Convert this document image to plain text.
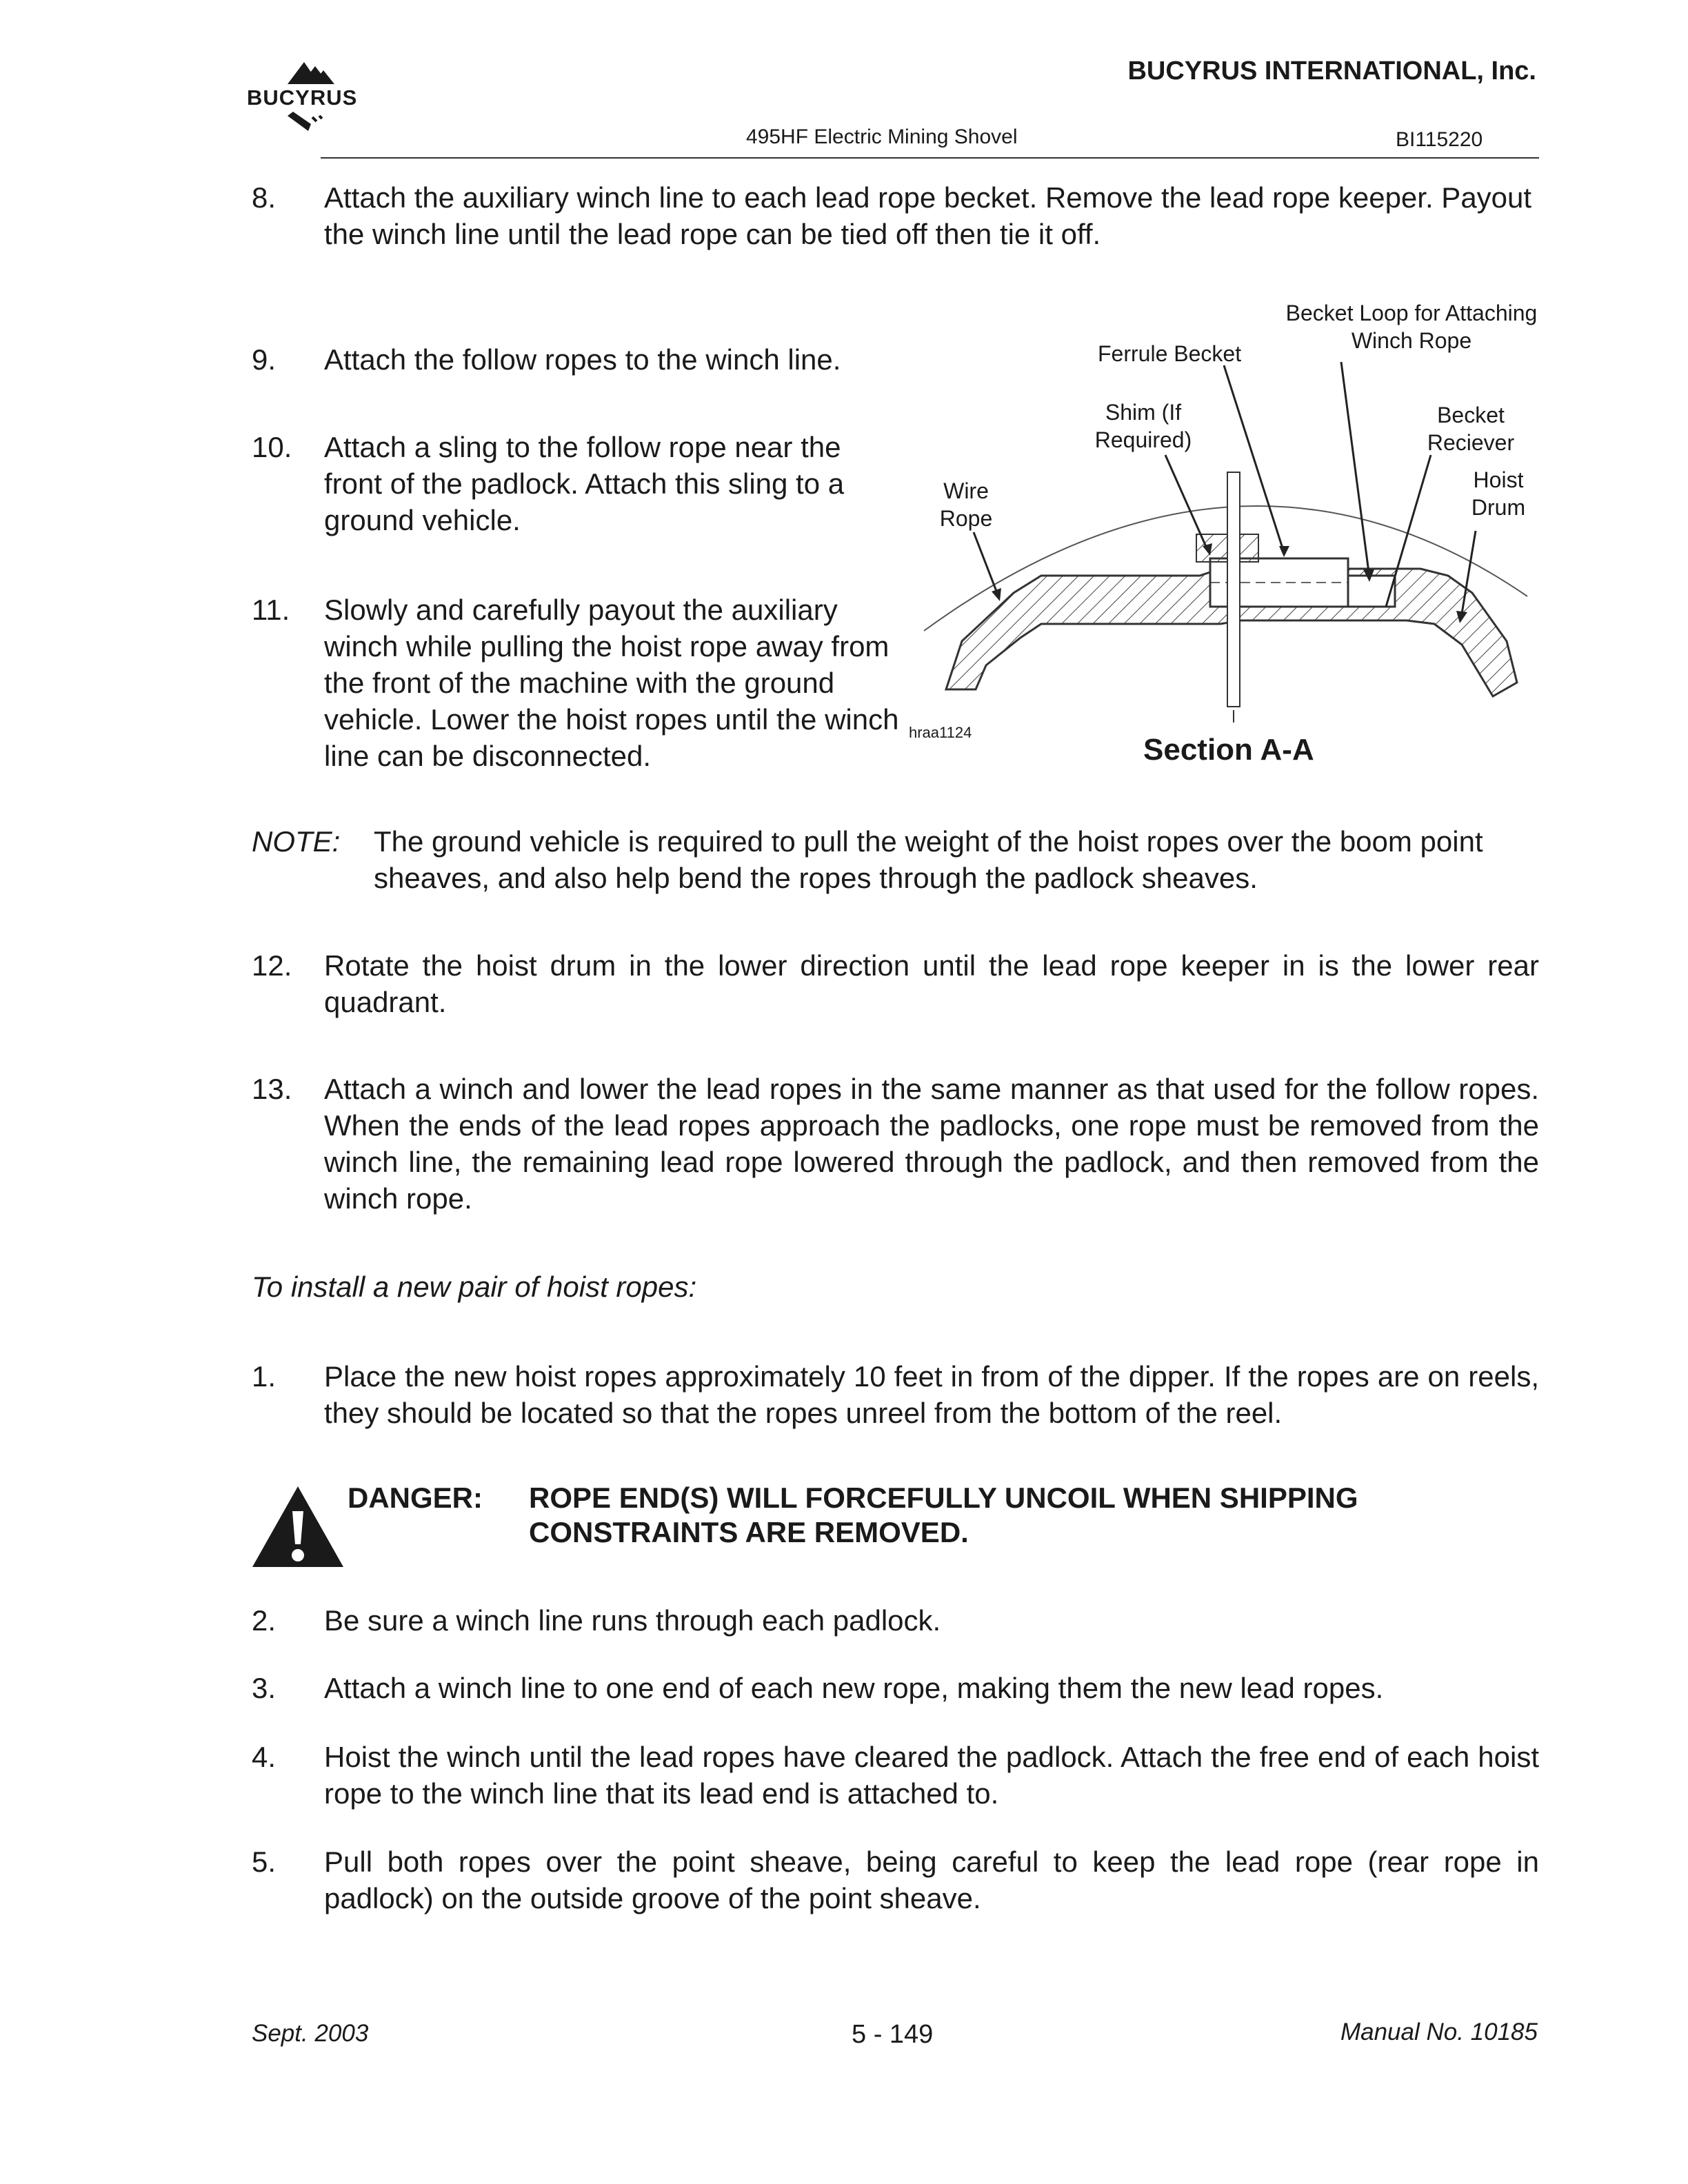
BUCYRUS
BUCYRUS INTERNATIONAL, Inc.
495HF Electric Mining Shovel	BI115220
8. Attach the auxiliary winch line to each lead rope becket. Remove the lead rope keeper. Payout the winch line until the lead rope can be tied off then tie it off.
9. Attach the follow ropes to the winch line.
10. Attach a sling to the follow rope near the front of the padlock. Attach this sling to a ground vehicle.
11. Slowly and carefully payout the auxiliary winch while pulling the hoist rope away from the front of the machine with the ground vehicle. Lower the hoist ropes until the winch line can be disconnected.
Becket Loop for Attaching Winch Rope
Ferrule Becket
Shim (If Required)
Becket Reciever
Hoist Drum
Wire Rope
hraa1124
Section A-A
NOTE: The ground vehicle is required to pull the weight of the hoist ropes over the boom point sheaves, and also help bend the ropes through the padlock sheaves.
12. Rotate the hoist drum in the lower direction until the lead rope keeper in is the lower rear quadrant.
13. Attach a winch and lower the lead ropes in the same manner as that used for the follow ropes. When the ends of the lead ropes approach the padlocks, one rope must be removed from the winch line, the remaining lead rope lowered through the padlock, and then removed from the winch rope.
To install a new pair of hoist ropes:
1. Place the new hoist ropes approximately 10 feet in from of the dipper. If the ropes are on reels, they should be located so that the ropes unreel from the bottom of the reel.
DANGER: ROPE END(S) WILL FORCEFULLY UNCOIL WHEN SHIPPING
CONSTRAINTS ARE REMOVED.
2. Be sure a winch line runs through each padlock.
3. Attach a winch line to one end of each new rope, making them the new lead ropes.
4. Hoist the winch until the lead ropes have cleared the padlock. Attach the free end of each hoist rope to the winch line that its lead end is attached to.
5. Pull both ropes over the point sheave, being careful to keep the lead rope (rear rope in padlock) on the outside groove of the point sheave.
Sept. 2003	5 - 149	Manual No. 10185
